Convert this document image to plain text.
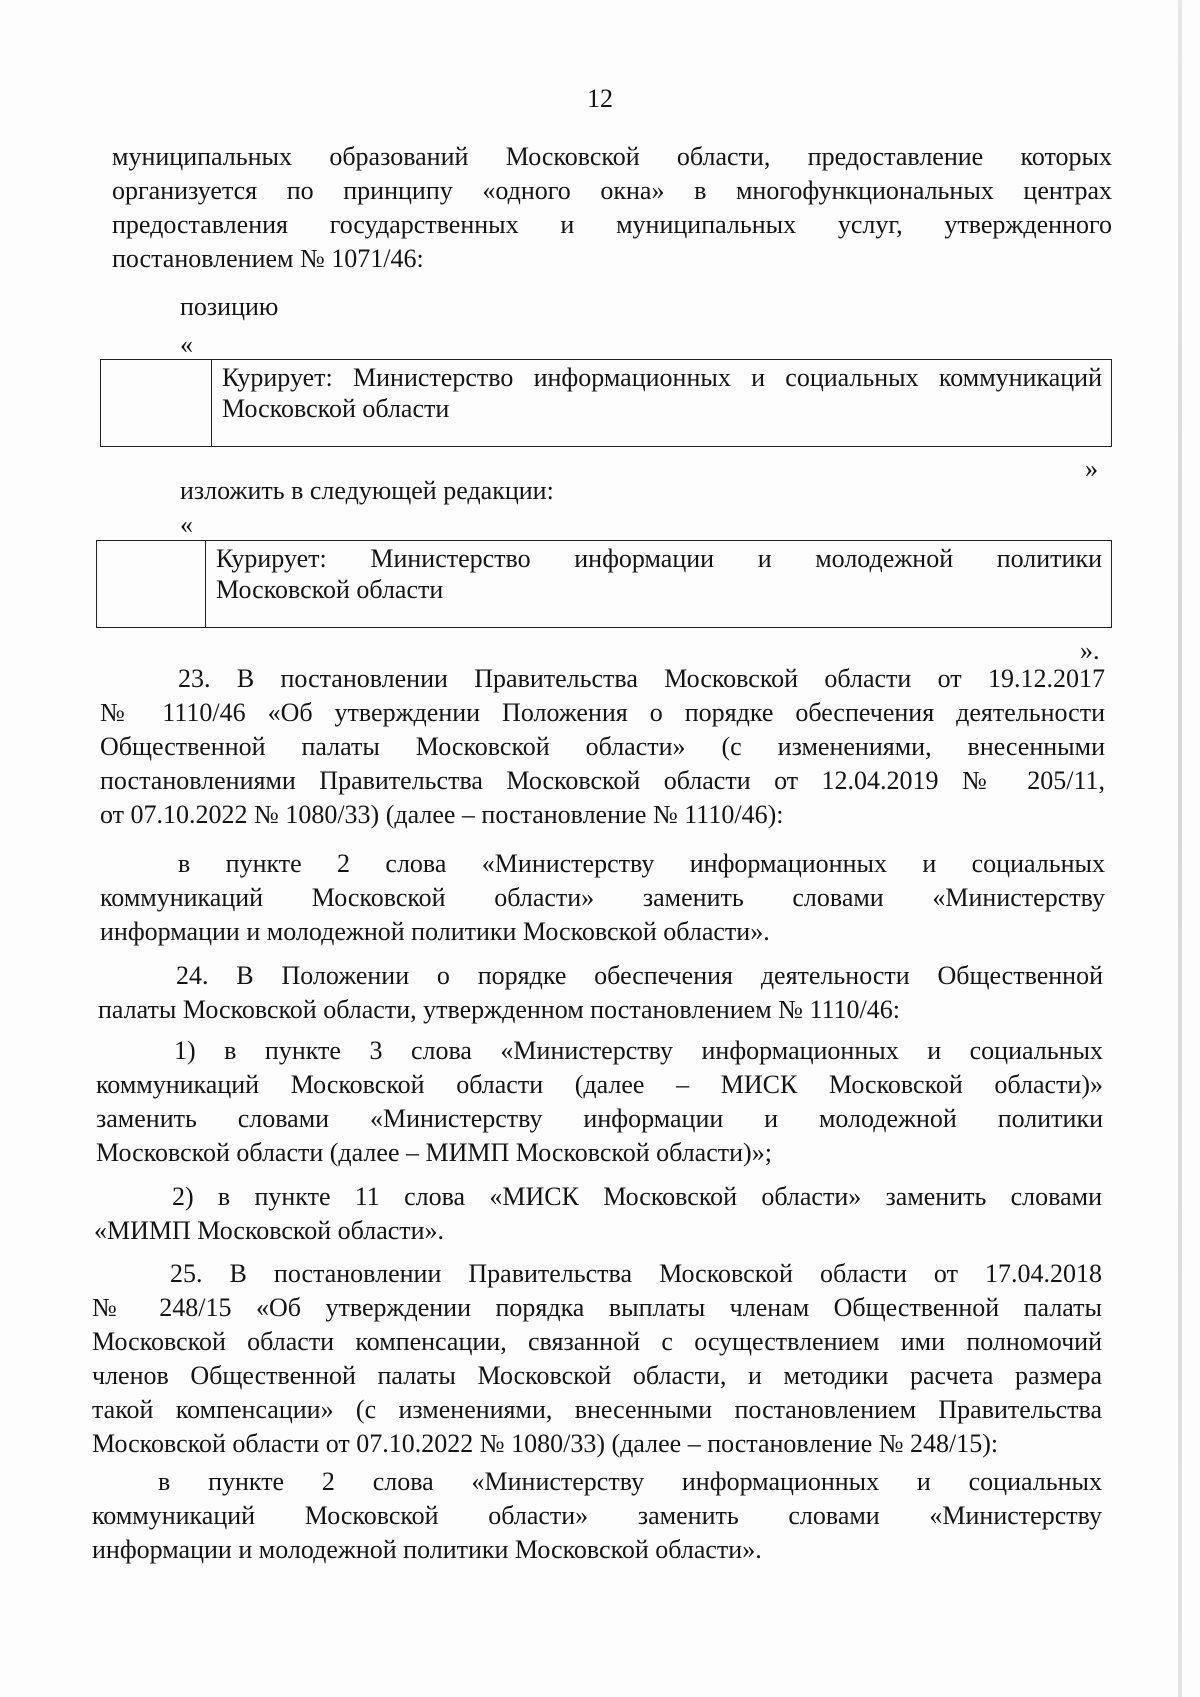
12
муниципальных образований Московской области, предоставление которых
организуется по принципу «одного окна» в многофункциональных центрах
предоставления государственных и муниципальных услуг, утвержденного
постановлением № 1071/46:
позицию
«
Курирует: Министерство информационных и социальных коммуникаций
Московской области
»
изложить в следующей редакции:
«
Курирует: Министерство информации и молодежной политики
Московской области
».
23. В постановлении Правительства Московской области от 19.12.2017
№ 1110/46 «Об утверждении Положения о порядке обеспечения деятельности
Общественной палаты Московской области» (с изменениями, внесенными
постановлениями Правительства Московской области от 12.04.2019 № 205/11,
от 07.10.2022 № 1080/33) (далее – постановление № 1110/46):
в пункте 2 слова «Министерству информационных и социальных
коммуникаций Московской области» заменить словами «Министерству
информации и молодежной политики Московской области».
24. В Положении о порядке обеспечения деятельности Общественной
палаты Московской области, утвержденном постановлением № 1110/46:
1) в пункте 3 слова «Министерству информационных и социальных
коммуникаций Московской области (далее – МИСК Московской области)»
заменить словами «Министерству информации и молодежной политики
Московской области (далее – МИМП Московской области)»;
2) в пункте 11 слова «МИСК Московской области» заменить словами
«МИМП Московской области».
25. В постановлении Правительства Московской области от 17.04.2018
№ 248/15 «Об утверждении порядка выплаты членам Общественной палаты
Московской области компенсации, связанной с осуществлением ими полномочий
членов Общественной палаты Московской области, и методики расчета размера
такой компенсации» (с изменениями, внесенными постановлением Правительства
Московской области от 07.10.2022 № 1080/33) (далее – постановление № 248/15):
в пункте 2 слова «Министерству информационных и социальных
коммуникаций Московской области» заменить словами «Министерству
информации и молодежной политики Московской области».
